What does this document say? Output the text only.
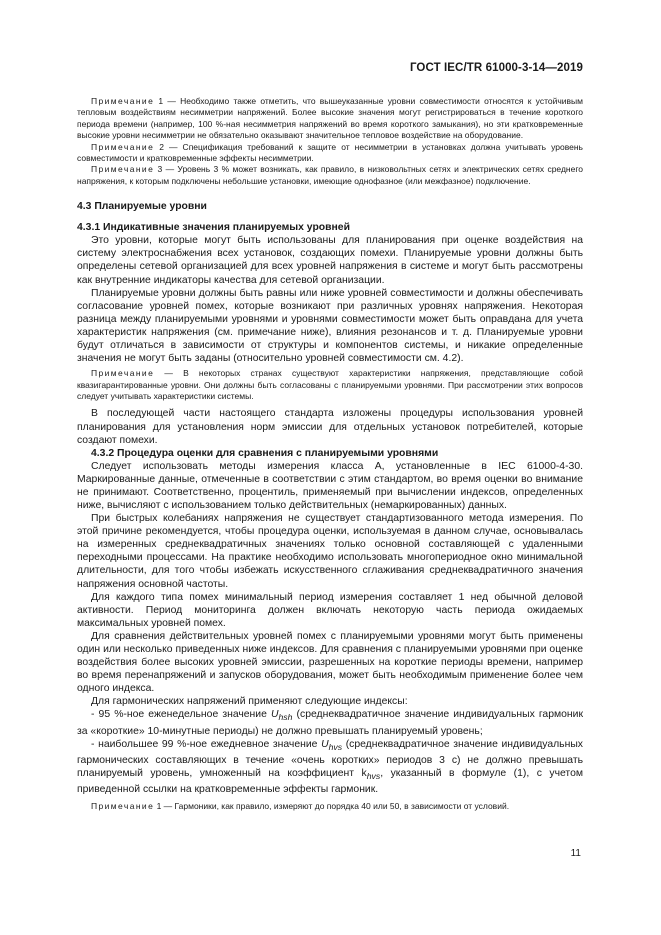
ГОСТ IEC/TR 61000-3-14—2019

Примечание 1 — Необходимо также отметить, что вышеуказанные уровни совместимости относятся к устойчивым тепловым воздействиям несимметрии напряжений. Более высокие значения могут регистрироваться в течение короткого периода времени (например, 100 %-ная несимметрия напряжений во время короткого замыкания), но эти кратковременные высокие уровни несимметрии не обязательно оказывают значительное тепловое воздействие на оборудование.

Примечание 2 — Спецификация требований к защите от несимметрии в установках должна учитывать уровень совместимости и кратковременные эффекты несимметрии.

Примечание 3 — Уровень 3 % может возникать, как правило, в низковольтных сетях и электрических сетях среднего напряжения, к которым подключены небольшие установки, имеющие однофазное (или межфазное) подключение.

4.3 Планируемые уровни

4.3.1 Индикативные значения планируемых уровней

Это уровни, которые могут быть использованы для планирования при оценке воздействия на систему электроснабжения всех установок, создающих помехи. Планируемые уровни должны быть определены сетевой организацией для всех уровней напряжения в системе и могут быть рассмотрены как внутренние индикаторы качества для сетевой организации.

Планируемые уровни должны быть равны или ниже уровней совместимости и должны обеспечивать согласование уровней помех, которые возникают при различных уровнях напряжения. Некоторая разница между планируемыми уровнями и уровнями совместимости может быть оправдана для учета характеристик напряжения (см. примечание ниже), влияния резонансов и т. д. Планируемые уровни будут отличаться в зависимости от структуры и компонентов системы, и никакие определенные значения не могут быть заданы (относительно уровней совместимости см. 4.2).

Примечание — В некоторых странах существуют характеристики напряжения, представляющие собой квазигарантированные уровни. Они должны быть согласованы с планируемыми уровнями. При рассмотрении этих вопросов следует учитывать характеристики системы.

В последующей части настоящего стандарта изложены процедуры использования уровней планирования для установления норм эмиссии для отдельных установок потребителей, которые создают помехи.

4.3.2 Процедура оценки для сравнения с планируемыми уровнями

Следует использовать методы измерения класса А, установленные в IEC 61000-4-30. Маркированные данные, отмеченные в соответствии с этим стандартом, во время оценки во внимание не принимают. Соответственно, процентиль, применяемый при вычислении индексов, определенных ниже, вычисляют с использованием только действительных (немаркированных) данных.

При быстрых колебаниях напряжения не существует стандартизованного метода измерения. По этой причине рекомендуется, чтобы процедура оценки, используемая в данном случае, основывалась на измеренных среднеквадратичных значениях только основной составляющей с удаленными переходными процессами. На практике необходимо использовать многопериодное окно минимальной длительности, для того чтобы избежать искусственного сглаживания среднеквадратичного значения напряжения основной частоты.

Для каждого типа помех минимальный период измерения составляет 1 нед обычной деловой активности. Период мониторинга должен включать некоторую часть периода ожидаемых максимальных уровней помех.

Для сравнения действительных уровней помех с планируемыми уровнями могут быть применены один или несколько приведенных ниже индексов. Для сравнения с планируемыми уровнями при оценке воздействия более высоких уровней эмиссии, разрешенных на короткие периоды времени, например во время перенапряжений и запусков оборудования, может быть необходимым применение более чем одного индекса.

Для гармонических напряжений применяют следующие индексы:

- 95 %-ное еженедельное значение $U_{hsh}$ (среднеквадратичное значение индивидуальных гармоник за «короткие» 10-минутные периоды) не должно превышать планируемый уровень;

- наибольшее 99 %-ное ежедневное значение $U_{hvs}$ (среднеквадратичное значение индивидуальных гармонических составляющих в течение «очень коротких» периодов 3 с) не должно превышать планируемый уровень, умноженный на коэффициент $k_{hvs}$, указанный в формуле (1), с учетом приведенной ссылки на кратковременные эффекты гармоник.

Примечание 1 — Гармоники, как правило, измеряют до порядка 40 или 50, в зависимости от условий.

11
